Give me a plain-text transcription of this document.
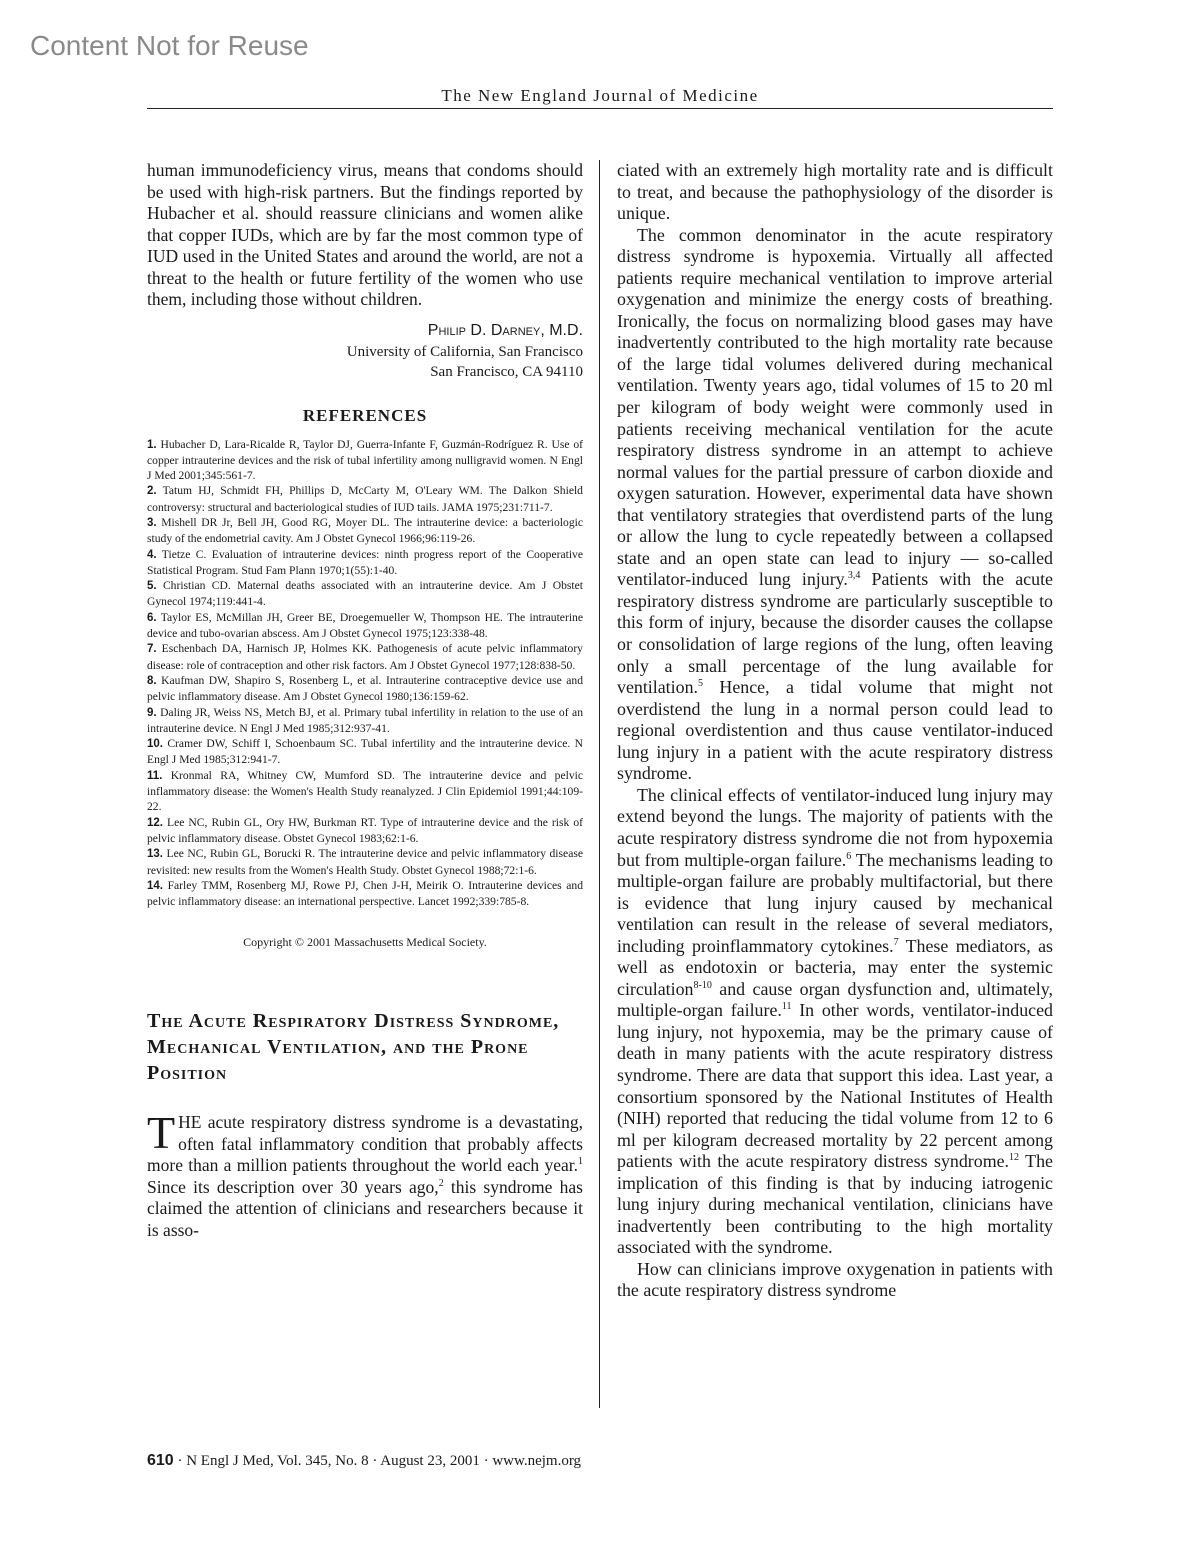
Content Not for Reuse
The New England Journal of Medicine

human immunodeficiency virus, means that condoms should be used with high-risk partners. But the findings reported by Hubacher et al. should reassure clinicians and women alike that copper IUDs, which are by far the most common type of IUD used in the United States and around the world, are not a threat to the health or future fertility of the women who use them, including those without children.

Philip D. Darney, M.D.
University of California, San Francisco
San Francisco, CA 94110
REFERENCES
1. Hubacher D, Lara-Ricalde R, Taylor DJ, Guerra-Infante F, Guzmán-Rodríguez R. Use of copper intrauterine devices and the risk of tubal infertility among nulligravid women. N Engl J Med 2001;345:561-7.
2. Tatum HJ, Schmidt FH, Phillips D, McCarty M, O'Leary WM. The Dalkon Shield controversy: structural and bacteriological studies of IUD tails. JAMA 1975;231:711-7.
3. Mishell DR Jr, Bell JH, Good RG, Moyer DL. The intrauterine device: a bacteriologic study of the endometrial cavity. Am J Obstet Gynecol 1966;96:119-26.
4. Tietze C. Evaluation of intrauterine devices: ninth progress report of the Cooperative Statistical Program. Stud Fam Plann 1970;1(55):1-40.
5. Christian CD. Maternal deaths associated with an intrauterine device. Am J Obstet Gynecol 1974;119:441-4.
6. Taylor ES, McMillan JH, Greer BE, Droegemueller W, Thompson HE. The intrauterine device and tubo-ovarian abscess. Am J Obstet Gynecol 1975;123:338-48.
7. Eschenbach DA, Harnisch JP, Holmes KK. Pathogenesis of acute pelvic inflammatory disease: role of contraception and other risk factors. Am J Obstet Gynecol 1977;128:838-50.
8. Kaufman DW, Shapiro S, Rosenberg L, et al. Intrauterine contraceptive device use and pelvic inflammatory disease. Am J Obstet Gynecol 1980;136:159-62.
9. Daling JR, Weiss NS, Metch BJ, et al. Primary tubal infertility in relation to the use of an intrauterine device. N Engl J Med 1985;312:937-41.
10. Cramer DW, Schiff I, Schoenbaum SC. Tubal infertility and the intrauterine device. N Engl J Med 1985;312:941-7.
11. Kronmal RA, Whitney CW, Mumford SD. The intrauterine device and pelvic inflammatory disease: the Women's Health Study reanalyzed. J Clin Epidemiol 1991;44:109-22.
12. Lee NC, Rubin GL, Ory HW, Burkman RT. Type of intrauterine device and the risk of pelvic inflammatory disease. Obstet Gynecol 1983;62:1-6.
13. Lee NC, Rubin GL, Borucki R. The intrauterine device and pelvic inflammatory disease revisited: new results from the Women's Health Study. Obstet Gynecol 1988;72:1-6.
14. Farley TMM, Rosenberg MJ, Rowe PJ, Chen J-H, Meirik O. Intrauterine devices and pelvic inflammatory disease: an international perspective. Lancet 1992;339:785-8.
Copyright © 2001 Massachusetts Medical Society.
The Acute Respiratory Distress Syndrome, Mechanical Ventilation, and the Prone Position

THE acute respiratory distress syndrome is a devastating, often fatal inflammatory condition that probably affects more than a million patients throughout the world each year.$^1$ Since its description over 30 years ago,$^2$ this syndrome has claimed the attention of clinicians and researchers because it is asso-

ciated with an extremely high mortality rate and is difficult to treat, and because the pathophysiology of the disorder is unique.

The common denominator in the acute respiratory distress syndrome is hypoxemia. Virtually all affected patients require mechanical ventilation to improve arterial oxygenation and minimize the energy costs of breathing. Ironically, the focus on normalizing blood gases may have inadvertently contributed to the high mortality rate because of the large tidal volumes delivered during mechanical ventilation. Twenty years ago, tidal volumes of 15 to 20 ml per kilogram of body weight were commonly used in patients receiving mechanical ventilation for the acute respiratory distress syndrome in an attempt to achieve normal values for the partial pressure of carbon dioxide and oxygen saturation. However, experimental data have shown that ventilatory strategies that overdistend parts of the lung or allow the lung to cycle repeatedly between a collapsed state and an open state can lead to injury — so-called ventilator-induced lung injury.$^{3,4}$ Patients with the acute respiratory distress syndrome are particularly susceptible to this form of injury, because the disorder causes the collapse or consolidation of large regions of the lung, often leaving only a small percentage of the lung available for ventilation.$^5$ Hence, a tidal volume that might not overdistend the lung in a normal person could lead to regional overdistention and thus cause ventilator-induced lung injury in a patient with the acute respiratory distress syndrome.

The clinical effects of ventilator-induced lung injury may extend beyond the lungs. The majority of patients with the acute respiratory distress syndrome die not from hypoxemia but from multiple-organ failure.$^6$ The mechanisms leading to multiple-organ failure are probably multifactorial, but there is evidence that lung injury caused by mechanical ventilation can result in the release of several mediators, including proinflammatory cytokines.$^7$ These mediators, as well as endotoxin or bacteria, may enter the systemic circulation$^{8-10}$ and cause organ dysfunction and, ultimately, multiple-organ failure.$^{11}$ In other words, ventilator-induced lung injury, not hypoxemia, may be the primary cause of death in many patients with the acute respiratory distress syndrome. There are data that support this idea. Last year, a consortium sponsored by the National Institutes of Health (NIH) reported that reducing the tidal volume from 12 to 6 ml per kilogram decreased mortality by 22 percent among patients with the acute respiratory distress syndrome.$^{12}$ The implication of this finding is that by inducing iatrogenic lung injury during mechanical ventilation, clinicians have inadvertently been contributing to the high mortality associated with the syndrome.

How can clinicians improve oxygenation in patients with the acute respiratory distress syndrome

610 · N Engl J Med, Vol. 345, No. 8 · August 23, 2001 · www.nejm.org
